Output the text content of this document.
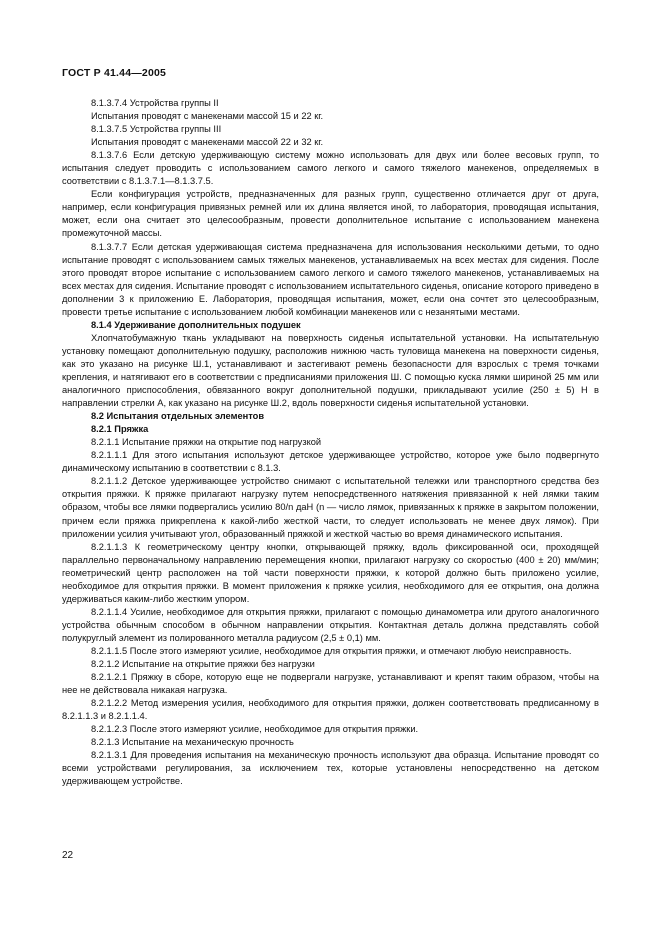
ГОСТ Р 41.44—2005

8.1.3.7.4 Устройства группы II

Испытания проводят с манекенами массой 15 и 22 кг.

8.1.3.7.5 Устройства группы III

Испытания проводят с манекенами массой 22 и 32 кг.

8.1.3.7.6 Если детскую удерживающую систему можно использовать для двух или более весовых групп, то испытания следует проводить с использованием самого легкого и самого тяжелого манекенов, определяемых в соответствии с 8.1.3.7.1—8.1.3.7.5.

Если конфигурация устройств, предназначенных для разных групп, существенно отличается друг от друга, например, если конфигурация привязных ремней или их длина является иной, то лаборатория, проводящая испытания, может, если она считает это целесообразным, провести дополнительное испытание с использованием манекена промежуточной массы.

8.1.3.7.7 Если детская удерживающая система предназначена для использования несколькими детьми, то одно испытание проводят с использованием самых тяжелых манекенов, устанавливаемых на всех местах для сидения. После этого проводят второе испытание с использованием самого легкого и самого тяжелого манекенов, устанавливаемых на всех местах для сидения. Испытание проводят с использованием испытательного сиденья, описание которого приведено в дополнении 3 к приложению Е. Лаборатория, проводящая испытания, может, если она сочтет это целесообразным, провести третье испытание с использованием любой комбинации манекенов или с незанятыми местами.

8.1.4 Удерживание дополнительных подушек

Хлопчатобумажную ткань укладывают на поверхность сиденья испытательной установки. На испытательную установку помещают дополнительную подушку, расположив нижнюю часть туловища манекена на поверхности сиденья, как это указано на рисунке Ш.1, устанавливают и застегивают ремень безопасности для взрослых с тремя точками крепления, и натягивают его в соответствии с предписаниями приложения Ш. С помощью куска лямки шириной 25 мм или аналогичного приспособления, обвязанного вокруг дополнительной подушки, прикладывают усилие (250 ± 5) Н в направлении стрелки А, как указано на рисунке Ш.2, вдоль поверхности сиденья испытательной установки.

8.2 Испытания отдельных элементов

8.2.1 Пряжка

8.2.1.1 Испытание пряжки на открытие под нагрузкой

8.2.1.1.1 Для этого испытания используют детское удерживающее устройство, которое уже было подвергнуто динамическому испытанию в соответствии с 8.1.3.

8.2.1.1.2 Детское удерживающее устройство снимают с испытательной тележки или транспортного средства без открытия пряжки. К пряжке прилагают нагрузку путем непосредственного натяжения привязанной к ней лямки таким образом, чтобы все лямки подвергались усилию 80/n даН (n — число лямок, привязанных к пряжке в закрытом положении, причем если пряжка прикреплена к какой-либо жесткой части, то следует использовать не менее двух лямок). При приложении усилия учитывают угол, образованный пряжкой и жесткой частью во время динамического испытания.

8.2.1.1.3 К геометрическому центру кнопки, открывающей пряжку, вдоль фиксированной оси, проходящей параллельно первоначальному направлению перемещения кнопки, прилагают нагрузку со скоростью (400 ± 20) мм/мин; геометрический центр расположен на той части поверхности пряжки, к которой должно быть приложено усилие, необходимое для открытия пряжки. В момент приложения к пряжке усилия, необходимого для ее открытия, она должна удерживаться каким-либо жестким упором.

8.2.1.1.4 Усилие, необходимое для открытия пряжки, прилагают с помощью динамометра или другого аналогичного устройства обычным способом в обычном направлении открытия. Контактная деталь должна представлять собой полукруглый элемент из полированного металла радиусом (2,5 ± 0,1) мм.

8.2.1.1.5 После этого измеряют усилие, необходимое для открытия пряжки, и отмечают любую неисправность.

8.2.1.2 Испытание на открытие пряжки без нагрузки

8.2.1.2.1 Пряжку в сборе, которую еще не подвергали нагрузке, устанавливают и крепят таким образом, чтобы на нее не действовала никакая нагрузка.

8.2.1.2.2 Метод измерения усилия, необходимого для открытия пряжки, должен соответствовать предписанному в 8.2.1.1.3 и 8.2.1.1.4.

8.2.1.2.3 После этого измеряют усилие, необходимое для открытия пряжки.

8.2.1.3 Испытание на механическую прочность

8.2.1.3.1 Для проведения испытания на механическую прочность используют два образца. Испытание проводят со всеми устройствами регулирования, за исключением тех, которые установлены непосредственно на детском удерживающем устройстве.

22
